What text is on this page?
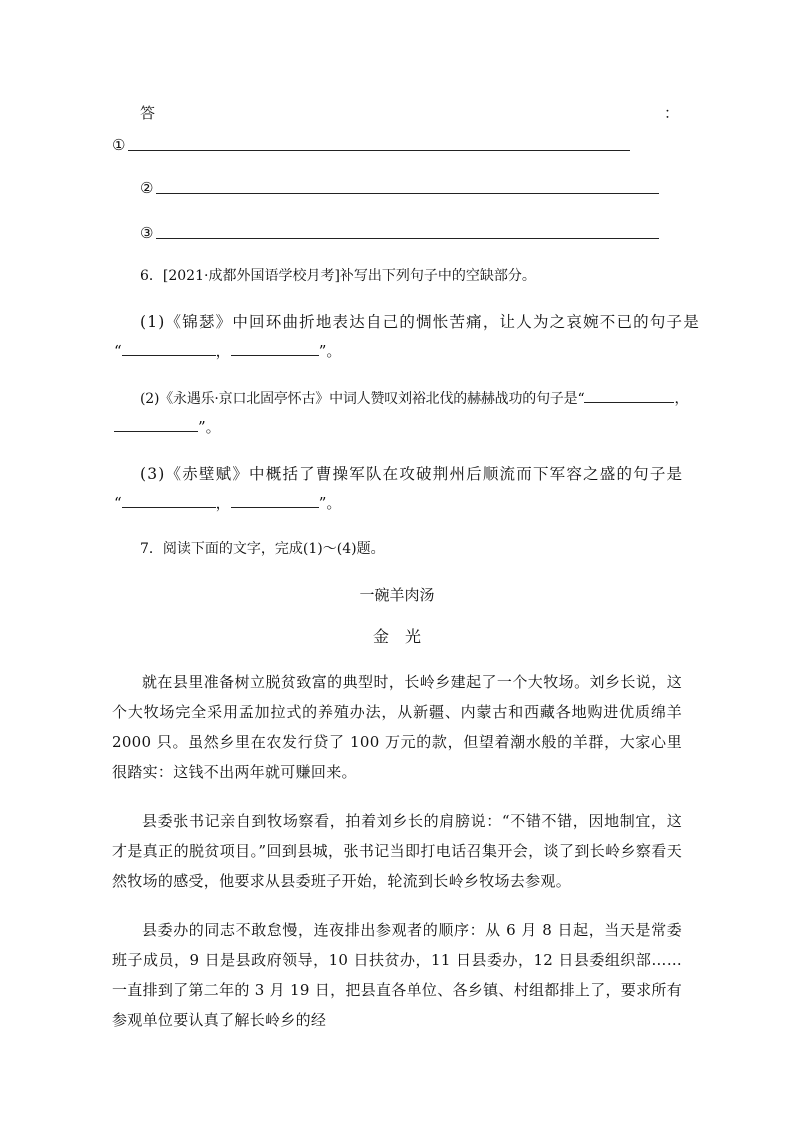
答	：
①
②
③
6．[2021·成都外国语学校月考]补写出下列句子中的空缺部分。
(1)《锦瑟》中回环曲折地表达自己的惆怅苦痛，让人为之哀婉不已的句子是
“	，	”。
(2)《永遇乐·京口北固亭怀古》中词人赞叹刘裕北伐的赫赫战功的句子是“	，
”。
(3)《赤壁赋》中概括了曹操军队在攻破荆州后顺流而下军容之盛的句子是
“	，	”。
7．阅读下面的文字，完成(1)～(4)题。
一碗羊肉汤
金　光
就在县里准备树立脱贫致富的典型时，长岭乡建起了一个大牧场。刘乡长说，这个大牧场完全采用孟加拉式的养殖办法，从新疆、内蒙古和西藏各地购进优质绵羊 2000 只。虽然乡里在农发行贷了 100 万元的款，但望着潮水般的羊群，大家心里很踏实：这钱不出两年就可赚回来。
县委张书记亲自到牧场察看，拍着刘乡长的肩膀说：“不错不错，因地制宜，这才是真正的脱贫项目。”回到县城，张书记当即打电话召集开会，谈了到长岭乡察看天然牧场的感受，他要求从县委班子开始，轮流到长岭乡牧场去参观。
县委办的同志不敢怠慢，连夜排出参观者的顺序：从 6 月 8 日起，当天是常委班子成员，9 日是县政府领导，10 日扶贫办，11 日县委办，12 日县委组织部……一直排到了第二年的 3 月 19 日，把县直各单位、各乡镇、村组都排上了，要求所有参观单位要认真了解长岭乡的经
